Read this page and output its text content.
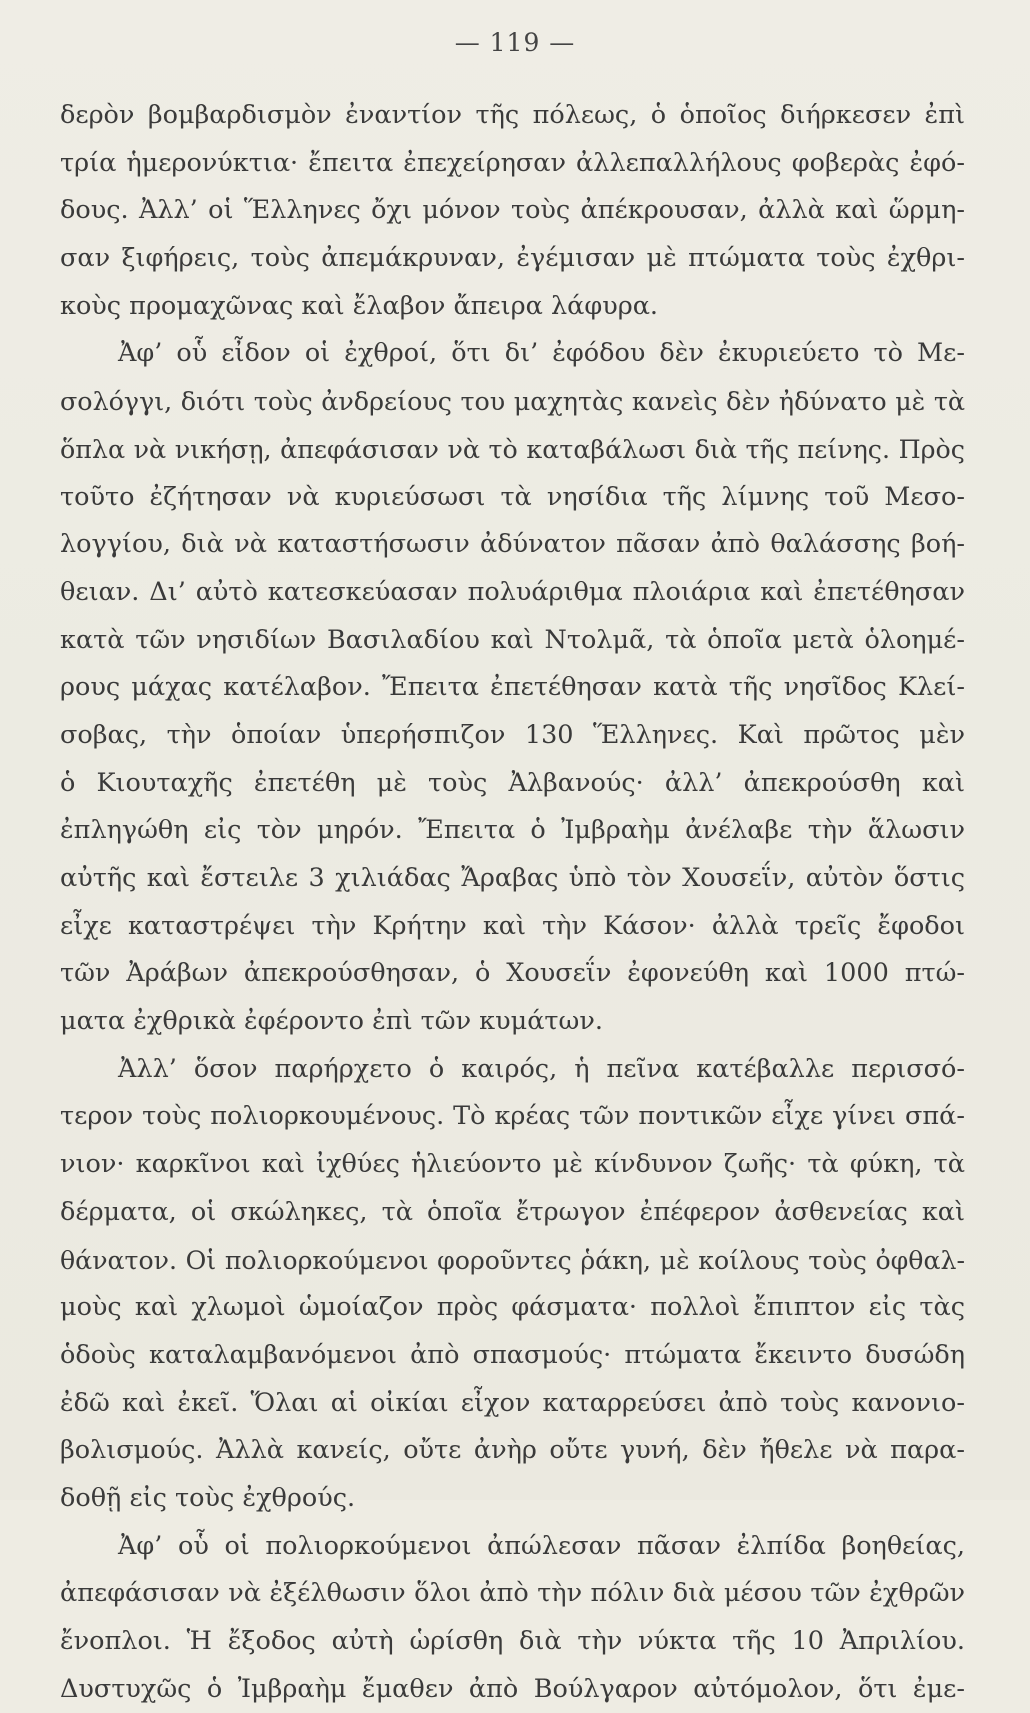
— 119 —
δερὸν βομβαρδισμὸν ἐναντίον τῆς πόλεως, ὁ ὁποῖος διήρκεσεν ἐπὶ
τρία ἡμερονύκτια· ἔπειτα ἐπεχείρησαν ἀλλεπαλλήλους φοβερὰς ἐφό-
δους. Ἀλλ’ οἱ Ἕλληνες ὄχι μόνον τοὺς ἀπέκρουσαν, ἀλλὰ καὶ ὥρμη-
σαν ξιφήρεις, τοὺς ἀπεμάκρυναν, ἐγέμισαν μὲ πτώματα τοὺς ἐχθρι-
κοὺς προμαχῶνας καὶ ἔλαβον ἄπειρα λάφυρα.
Ἀφ’ οὗ εἶδον οἱ ἐχθροί, ὅτι δι’ ἐφόδου δὲν ἐκυριεύετο τὸ Με-
σολόγγι, διότι τοὺς ἀνδρείους του μαχητὰς κανεὶς δὲν ἠδύνατο μὲ τὰ
ὅπλα νὰ νικήσῃ, ἀπεφάσισαν νὰ τὸ καταβάλωσι διὰ τῆς πείνης. Πρὸς
τοῦτο ἐζήτησαν νὰ κυριεύσωσι τὰ νησίδια τῆς λίμνης τοῦ Μεσο-
λογγίου, διὰ νὰ καταστήσωσιν ἀδύνατον πᾶσαν ἀπὸ θαλάσσης βοή-
θειαν. Δι’ αὐτὸ κατεσκεύασαν πολυάριθμα πλοιάρια καὶ ἐπετέθησαν
κατὰ τῶν νησιδίων Βασιλαδίου καὶ Ντολμᾶ, τὰ ὁποῖα μετὰ ὁλοημέ-
ρους μάχας κατέλαβον. Ἔπειτα ἐπετέθησαν κατὰ τῆς νησῖδος Κλεί-
σοβας, τὴν ὁποίαν ὑπερήσπιζον 130 Ἕλληνες. Καὶ πρῶτος μὲν
ὁ Κιουταχῆς ἐπετέθη μὲ τοὺς Ἀλβανούς· ἀλλ’ ἀπεκρούσθη καὶ
ἐπληγώθη εἰς τὸν μηρόν. Ἔπειτα ὁ Ἰμβραὴμ ἀνέλαβε τὴν ἅλωσιν
αὐτῆς καὶ ἔστειλε 3 χιλιάδας Ἄραβας ὑπὸ τὸν Χουσεΐν, αὐτὸν ὅστις
εἶχε καταστρέψει τὴν Κρήτην καὶ τὴν Κάσον· ἀλλὰ τρεῖς ἔφοδοι
τῶν Ἀράβων ἀπεκρούσθησαν, ὁ Χουσεΐν ἐφονεύθη καὶ 1000 πτώ-
ματα ἐχθρικὰ ἐφέροντο ἐπὶ τῶν κυμάτων.
Ἀλλ’ ὅσον παρήρχετο ὁ καιρός, ἡ πεῖνα κατέβαλλε περισσό-
τερον τοὺς πολιορκουμένους. Τὸ κρέας τῶν ποντικῶν εἶχε γίνει σπά-
νιον· καρκῖνοι καὶ ἰχθύες ἡλιεύοντο μὲ κίνδυνον ζωῆς· τὰ φύκη, τὰ
δέρματα, οἱ σκώληκες, τὰ ὁποῖα ἔτρωγον ἐπέφερον ἀσθενείας καὶ
θάνατον. Οἱ πολιορκούμενοι φοροῦντες ῥάκη, μὲ κοίλους τοὺς ὀφθαλ-
μοὺς καὶ χλωμοὶ ὡμοίαζον πρὸς φάσματα· πολλοὶ ἔπιπτον εἰς τὰς
ὁδοὺς καταλαμβανόμενοι ἀπὸ σπασμούς· πτώματα ἔκειντο δυσώδη
ἐδῶ καὶ ἐκεῖ. Ὅλαι αἱ οἰκίαι εἶχον καταρρεύσει ἀπὸ τοὺς κανονιο-
βολισμούς. Ἀλλὰ κανείς, οὔτε ἀνὴρ οὔτε γυνή, δὲν ἤθελε νὰ παρα-
δοθῇ εἰς τοὺς ἐχθρούς.
Ἀφ’ οὗ οἱ πολιορκούμενοι ἀπώλεσαν πᾶσαν ἐλπίδα βοηθείας,
ἀπεφάσισαν νὰ ἐξέλθωσιν ὅλοι ἀπὸ τὴν πόλιν διὰ μέσου τῶν ἐχθρῶν
ἔνοπλοι. Ἡ ἔξοδος αὐτὴ ὡρίσθη διὰ τὴν νύκτα τῆς 10 Ἀπριλίου.
Δυστυχῶς ὁ Ἰμβραὴμ ἔμαθεν ἀπὸ Βούλγαρον αὐτόμολον, ὅτι ἐμε-
